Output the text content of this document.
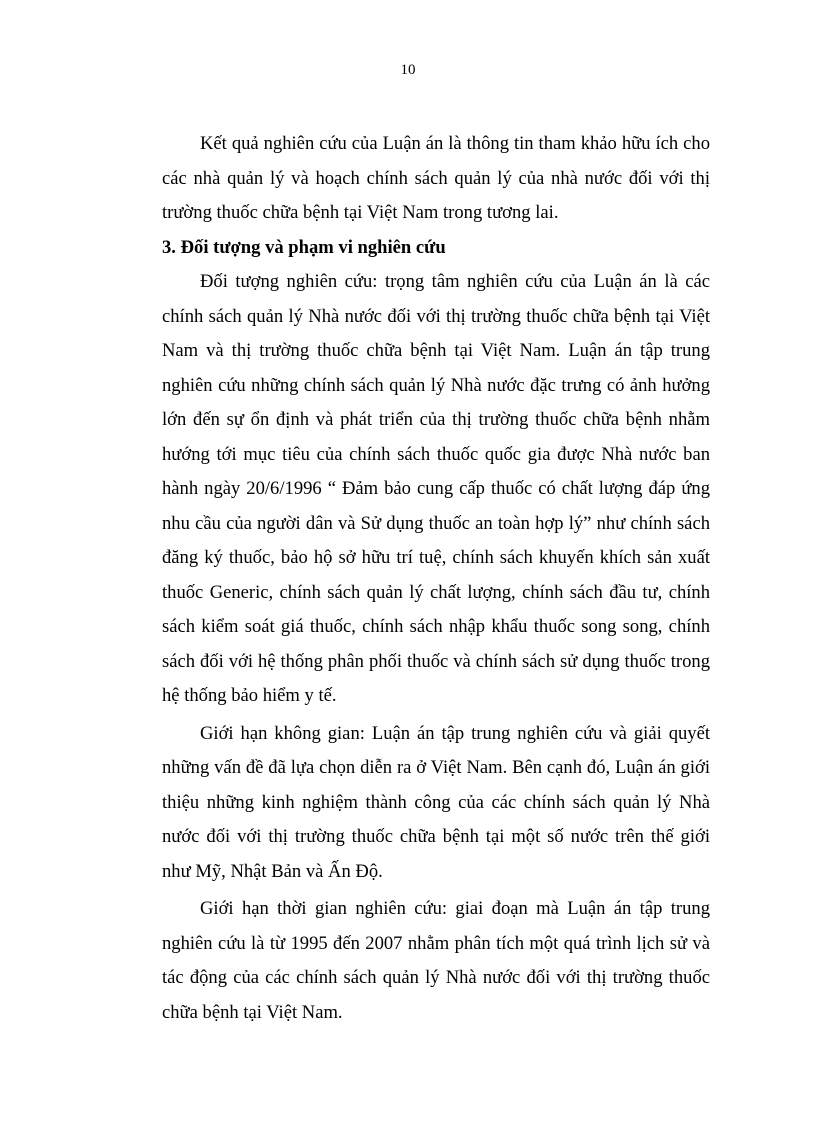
10

Kết quả nghiên cứu của Luận án là thông tin tham khảo hữu ích cho các nhà quản lý và hoạch chính sách quản lý của nhà nước đối với thị trường thuốc chữa bệnh tại Việt Nam trong tương lai.

3. Đối tượng và phạm vi nghiên cứu

Đối tượng nghiên cứu: trọng tâm nghiên cứu của Luận án là các chính sách quản lý Nhà nước đối với thị trường thuốc chữa bệnh tại Việt Nam và thị trường thuốc chữa bệnh tại Việt Nam. Luận án tập trung nghiên cứu những chính sách quản lý Nhà nước đặc trưng có ảnh hưởng lớn đến sự ổn định và phát triển của thị trường thuốc chữa bệnh nhằm hướng tới mục tiêu của chính sách thuốc quốc gia được Nhà nước ban hành ngày 20/6/1996 “ Đảm bảo cung cấp thuốc có chất lượng đáp ứng nhu cầu của người dân và Sử dụng thuốc an toàn hợp lý” như chính sách đăng ký thuốc, bảo hộ sở hữu trí tuệ, chính sách khuyến khích sản xuất thuốc Generic, chính sách quản lý chất lượng, chính sách đầu tư, chính sách kiểm soát giá thuốc, chính sách nhập khẩu thuốc song song, chính sách đối với hệ thống phân phối thuốc và chính sách sử dụng thuốc trong hệ thống bảo hiểm y tế.

Giới hạn không gian: Luận án tập trung nghiên cứu và giải quyết những vấn đề đã lựa chọn diễn ra ở Việt Nam. Bên cạnh đó, Luận án giới thiệu những kinh nghiệm thành công của các chính sách quản lý Nhà nước đối với thị trường thuốc chữa bệnh tại một số nước trên thế giới như Mỹ, Nhật Bản và Ấn Độ.

Giới hạn thời gian nghiên cứu: giai đoạn mà Luận án tập trung nghiên cứu là từ 1995 đến 2007 nhằm phân tích một quá trình lịch sử và tác động của các chính sách quản lý Nhà nước đối với thị trường thuốc chữa bệnh tại Việt Nam.
